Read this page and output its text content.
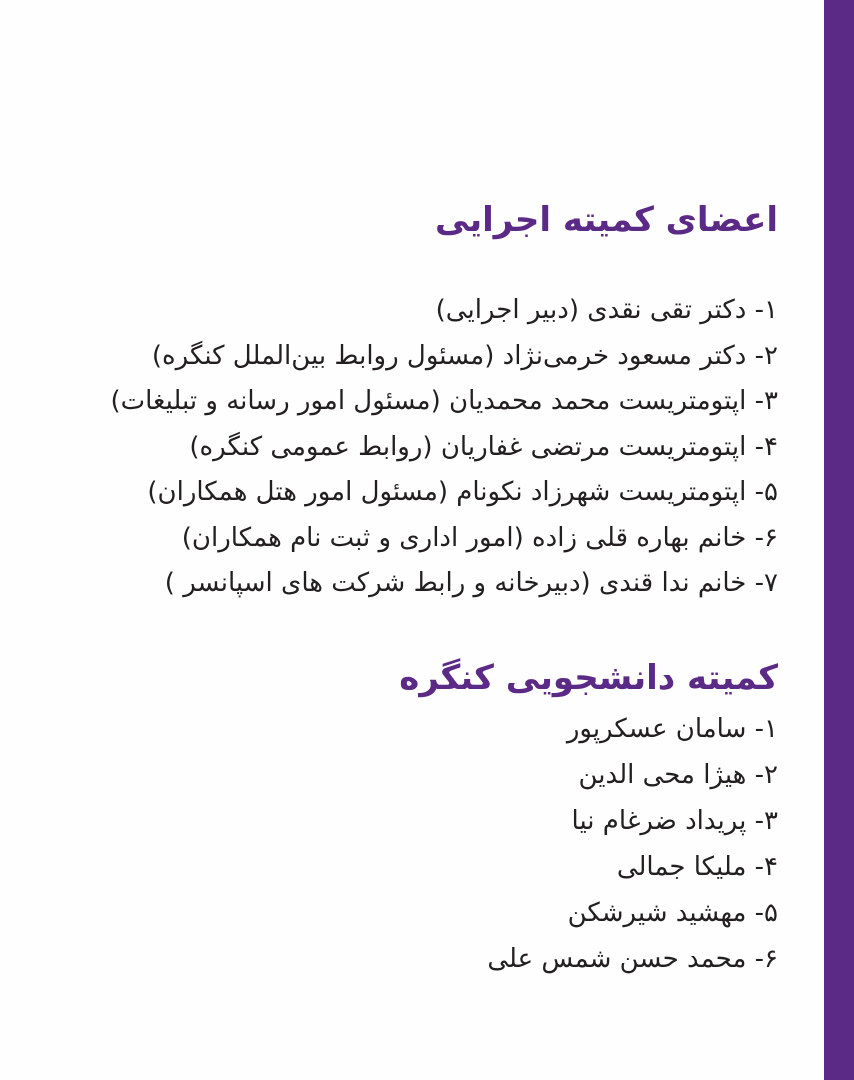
اعضای کمیته اجرایی
۱- دکتر تقی نقدی (دبیر اجرایی)
۲- دکتر مسعود خرمی‌نژاد (مسئول روابط بین‌الملل کنگره)
۳- اپتومتریست محمد محمدیان (مسئول امور رسانه و تبلیغات)
۴- اپتومتریست مرتضی غفاریان (روابط عمومی کنگره)
۵- اپتومتریست شهرزاد نکونام (مسئول امور هتل همکاران)
۶- خانم بهاره قلی زاده (امور اداری و ثبت نام همکاران)
۷- خانم ندا قندی (دبیرخانه و رابط شرکت های اسپانسر )
کمیته دانشجویی کنگره
۱- سامان عسکرپور
۲- هیژا محی الدین
۳- پریداد ضرغام نیا
۴- ملیکا جمالی
۵- مهشید شیرشکن
۶- محمد حسن شمس علی
